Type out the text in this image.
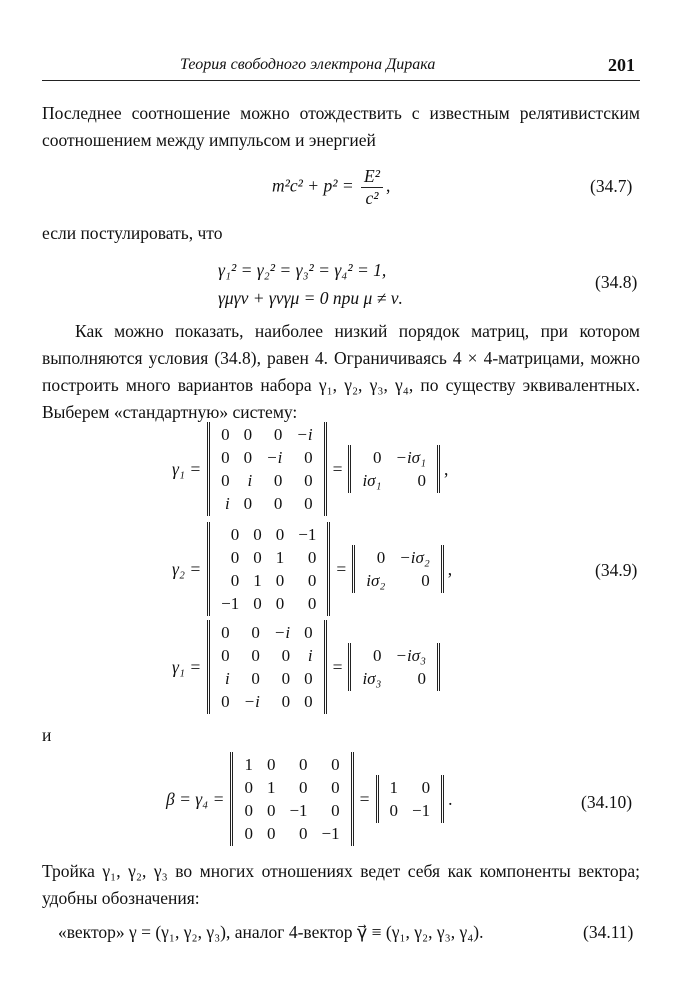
Теория свободного электрона Дирака	201
Последнее соотношение можно отождествить с известным релятивистским соотношением между импульсом и энергией
$m^2c^2 + p^2 = \frac{\text{E²}}{\text{c²}}$ ,	(34.7)
если постулировать, что
γ₁² = γ₂² = γ₃² = γ₄² = 1,
γμγν + γνγμ = 0 при μ ≠ ν.
(34.8)
Как можно показать, наиболее низкий порядок матриц, при котором выполняются условия (34.8), равен 4. Ограничиваясь 4 × 4-матрицами, можно построить много вариантов набора γ₁, γ₂, γ₃, γ₄, по существу эквивалентных. Выберем «стандартную» систему:
γ₁ =
0	0	0	−i
0	0	−i	0
0	i	0	0
i	0	0	0
=
0	−iσ₁
iσ₁	0
,
γ₂ =
0	0	0	−1
0	0	1	0
0	1	0	0
−1	0	0	0
=
0	−iσ₂
iσ₂	0
,	(34.9)
γ₁ =
0	0	−i	0
0	0	0	i
i	0	0	0
0	−i	0	0
=
0	−iσ₃
iσ₃	0
и
β = γ₄ =
1	0	0	0
0	1	0	0
0	0	−1	0
0	0	0	−1
=
1	0
0	−1
.	(34.10)
Тройка γ₁, γ₂, γ₃ во многих отношениях ведет себя как компоненты вектора; удобны обозначения:
«вектор» γ = (γ₁, γ₂, γ₃), аналог 4-вектор γ⃗ ≡ (γ₁, γ₂, γ₃, γ₄).	(34.11)
